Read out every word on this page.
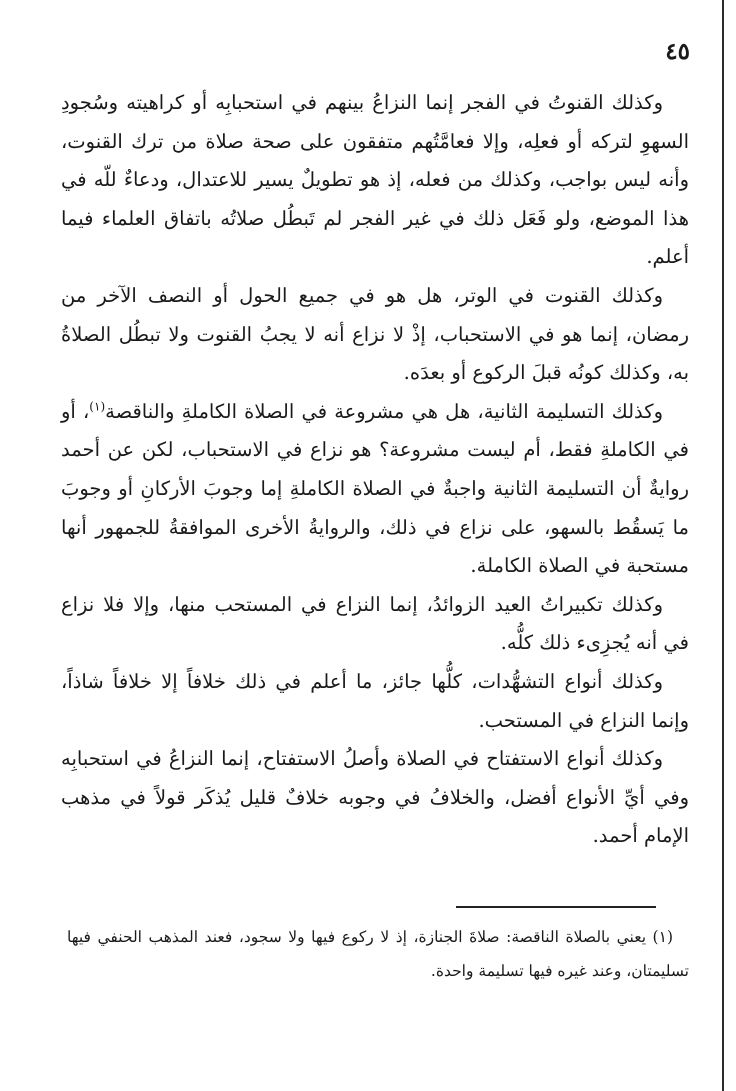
٤٥

وكذلك القنوتُ في الفجر إنما النزاعُ بينهم في استحبابِه أو كراهيته وسُجودِ السهوِ لتركه أو فعلِه، وإلا فعامَّتُهم متفقون على صحة صلاة من ترك القنوت، وأنه ليس بواجب، وكذلك من فعله، إذ هو تطويلٌ يسير للاعتدال، ودعاءٌ للّه في هذا الموضع، ولو فَعَل ذلك في غير الفجر لم تَبطُل صلاتُه باتفاق العلماء فيما أعلم.

وكذلك القنوت في الوتر، هل هو في جميع الحول أو النصف الآخر من رمضان، إنما هو في الاستحباب، إذْ لا نزاع أنه لا يجبُ القنوت ولا تبطُل الصلاةُ به، وكذلك كونُه قبلَ الركوع أو بعدَه.

وكذلك التسليمة الثانية، هل هي مشروعة في الصلاة الكاملةِ والناقصة$^{(١)}$، أو في الكاملةِ فقط، أم ليست مشروعة؟ هو نزاع في الاستحباب، لكن عن أحمد روايةٌ أن التسليمة الثانية واجبةٌ في الصلاة الكاملةِ إما وجوبَ الأركانِ أو وجوبَ ما يَسقُط بالسهو، على نزاع في ذلك، والروايةُ الأخرى الموافقةُ للجمهور أنها مستحبة في الصلاة الكاملة.

وكذلك تكبيراتُ العيد الزوائدُ، إنما النزاع في المستحب منها، وإلا فلا نزاع في أنه يُجزِىء ذلك كلُّه.

وكذلك أنواع التشهُّدات، كلُّها جائز، ما أعلم في ذلك خلافاً إلا خلافاً شاذاً، وإنما النزاع في المستحب.

وكذلك أنواع الاستفتاح في الصلاة وأصلُ الاستفتاح، إنما النزاعُ في استحبابِه وفي أيِّ الأنواع أفضل، والخلافُ في وجوبه خلافٌ قليل يُذكَر قولاً في مذهب الإمام أحمد.

(١) يعني بالصلاة الناقصة: صلاةَ الجنازة، إذ لا ركوع فيها ولا سجود، فعند المذهب الحنفي فيها تسليمتان، وعند غيره فيها تسليمة واحدة.
